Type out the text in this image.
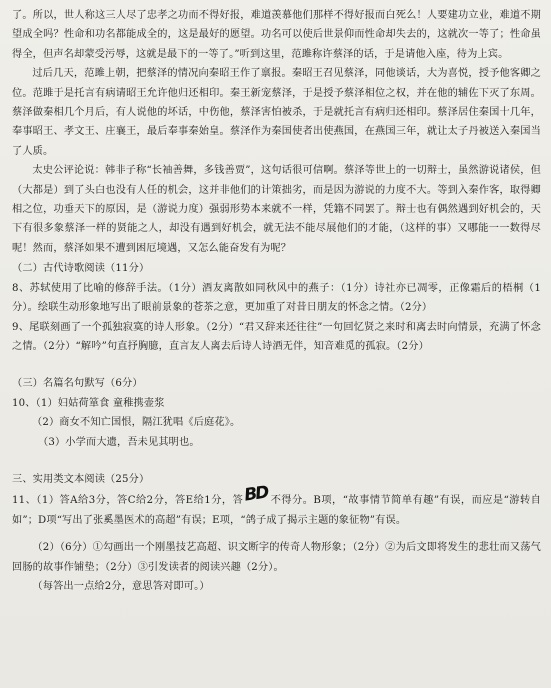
了。所以，世人称这三人尽了忠孝之功而不得好报，难道羡慕他们那样不得好报而白死么！人要建功立业，难道不期望成全吗？性命和功名都能成全的，这是最好的愿望。功名可以使后世景仰而性命却失去的，这就次一等了；性命虽得全，但声名却蒙受污辱，这就是最下的一等了。”听到这里，范雎称许蔡泽的话，于是请他入座，待为上宾。

过后几天，范雎上朝，把蔡泽的情况向秦昭王作了禀报。秦昭王召见蔡泽，同他谈话，大为喜悦，授予他客卿之位。范雎于是托言有病请昭王允许他归还相印。秦王新宠蔡泽，于是授予蔡泽相位之权，并在他的辅佐下灭了东周。蔡泽做秦相几个月后，有人说他的坏话，中伤他，蔡泽害怕被杀，于是就托言有病归还相印。蔡泽居住秦国十几年，奉事昭王、孝文王、庄襄王，最后奉事秦始皇。蔡泽作为秦国使者出使燕国，在燕国三年，就让太子丹被送入秦国当了人质。

太史公评论说：韩非子称“长袖善舞，多钱善贾”，这句话很可信啊。蔡泽等世上的一切辩士，虽然游说诸侯，但（大都是）到了头白也没有人任的机会，这并非他们的计策拙劣，而是因为游说的力度不大。等到入秦作客，取得卿相之位，功垂天下的原因，是（游说力度）强弱形势本来就不一样，凭籍不同罢了。辩士也有偶然遇到好机会的，天下有很多象蔡泽一样的贤能之人，却没有遇到好机会，就无法不能尽展他们的才能，（这样的事）又哪能一一数得尽呢！然而，蔡泽如果不遭到困厄境遇，又怎么能奋发有为呢？

（二）古代诗歌阅读（11分）

8、苏轼使用了比喻的修辞手法。（1分）酒友离散如同秋风中的燕子：（1分）诗社亦已凋零，正像霜后的梧桐（1分）。绘联生动形象地写出了眼前景象的苍茶之意，更加重了对昔日朋友的怀念之情。（2分）

9、尾联刻画了一个孤独寂寞的诗人形象。（2分）“君又辞来还往往”一句回忆贤之来时和离去时向情景，充满了怀念之情。（2分）“解吟”句直抒胸臆，直言友人离去后诗人诗酒无伴，知音难觅的孤寂。（2分）

（三）名篇名句默写（6分）

10、（1）妇姑荷箪食 童稚携壶浆

（2）商女不知亡国恨，隔江犹唱《后庭花》。

（3）小学而大遗，吾未见其明也。

三、实用类文本阅读（25分）

11、（1）答A给3分，答C给2分，答E给1分，答BD不得分。B项，“故事情节简单有趣”有误，而应是“游转自如”；D项“写出了张奚墨医术的高超”有误；E项，“鸽子成了揭示主题的象征物”有误。

（2）（6分）①勾画出一个刚墨技艺高超、识文断字的传奇人物形象；（2分）②为后文即将发生的悲壮而又荡气回肠的故事作铺垫；（2分）③引发读者的阅读兴趣（2分）。

（每答出一点给2分，意思答对即可。）
